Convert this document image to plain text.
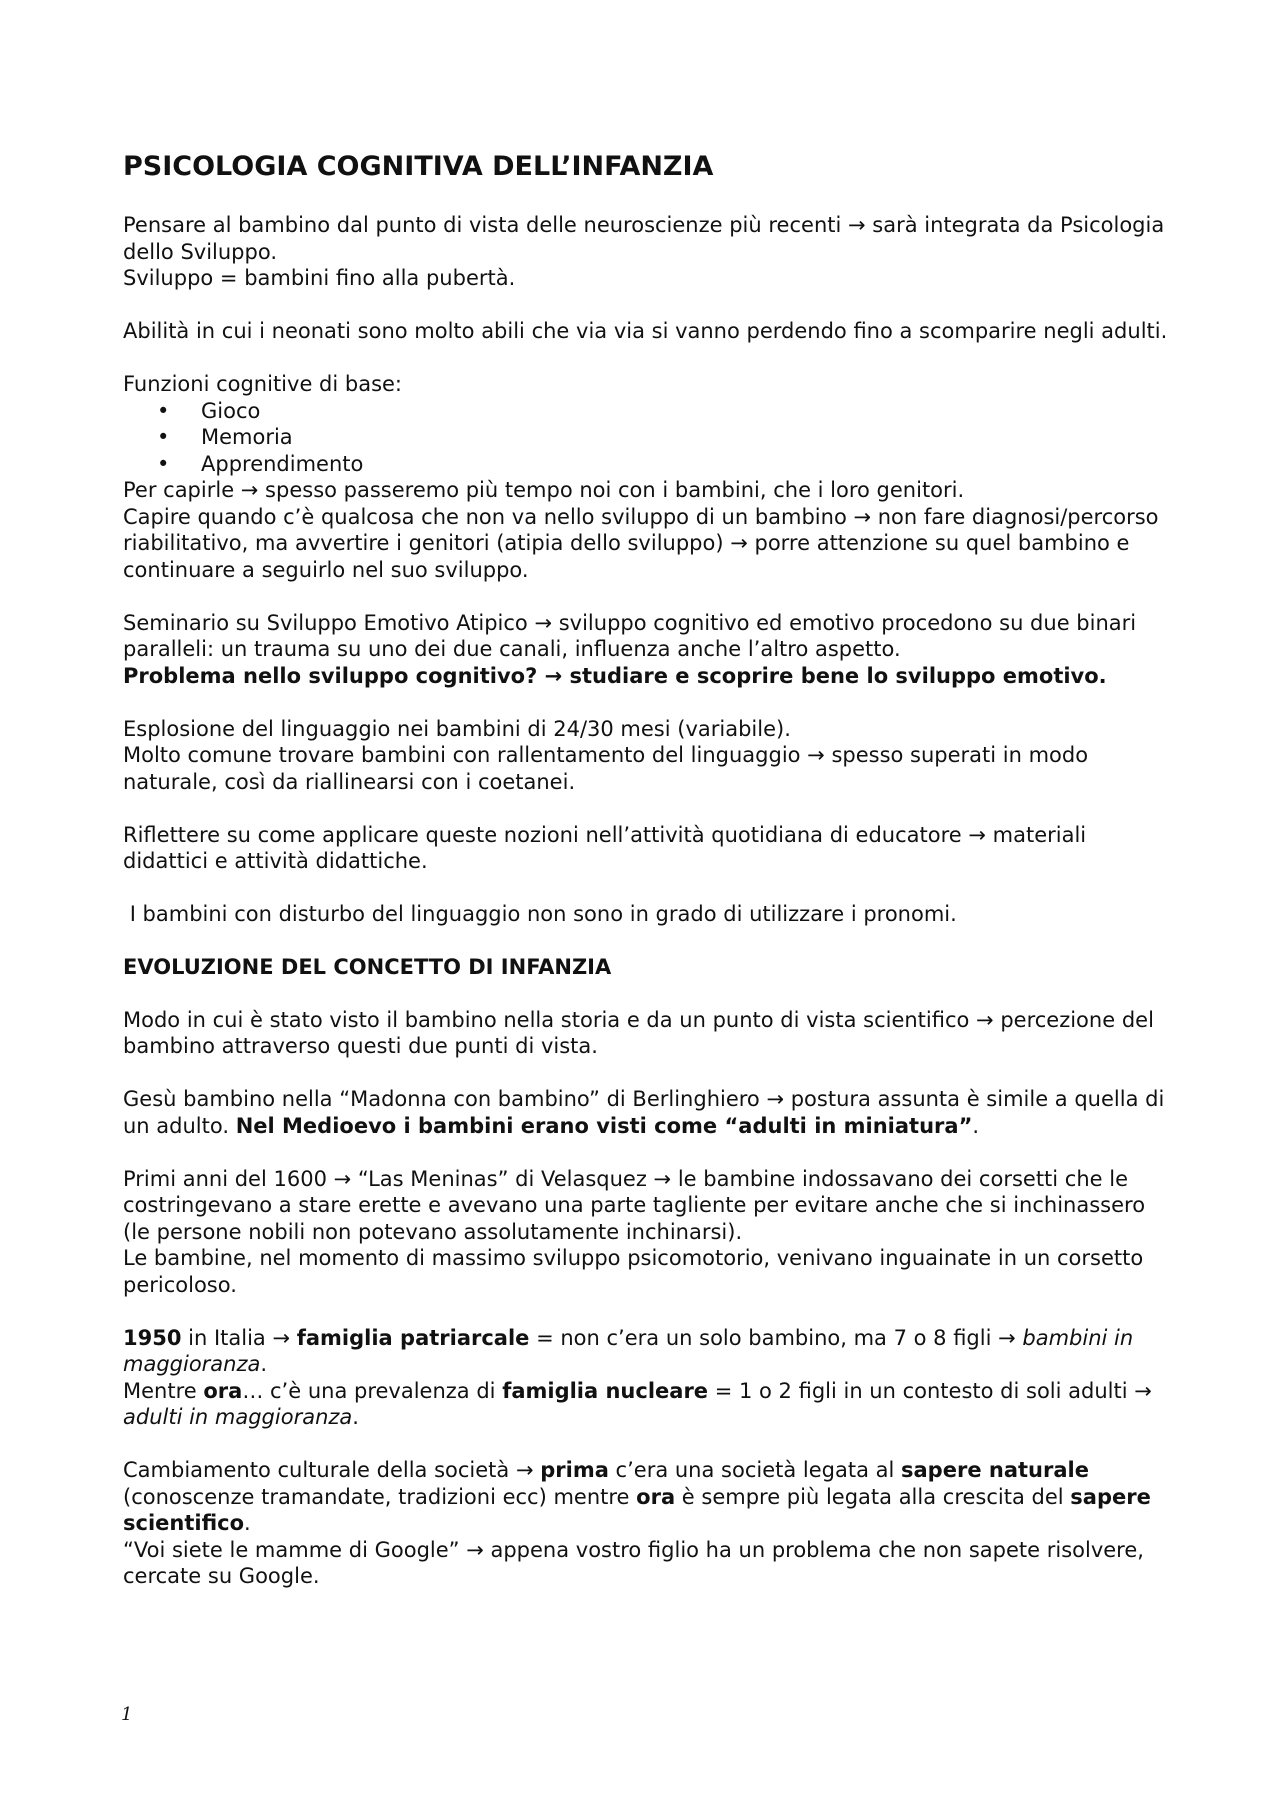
PSICOLOGIA COGNITIVA DELL’INFANZIA

Pensare al bambino dal punto di vista delle neuroscienze più recenti → sarà integrata da Psicologia dello Sviluppo.

Sviluppo = bambini fino alla pubertà.

Abilità in cui i neonati sono molto abili che via via si vanno perdendo fino a scomparire negli adulti.

Funzioni cognitive di base:

• Gioco
• Memoria
• Apprendimento

Per capirle → spesso passeremo più tempo noi con i bambini, che i loro genitori.

Capire quando c’è qualcosa che non va nello sviluppo di un bambino → non fare diagnosi/percorso riabilitativo, ma avvertire i genitori (atipia dello sviluppo) → porre attenzione su quel bambino e continuare a seguirlo nel suo sviluppo.

Seminario su Sviluppo Emotivo Atipico → sviluppo cognitivo ed emotivo procedono su due binari paralleli: un trauma su uno dei due canali, influenza anche l’altro aspetto.

Problema nello sviluppo cognitivo? → studiare e scoprire bene lo sviluppo emotivo.

Esplosione del linguaggio nei bambini di 24/30 mesi (variabile).

Molto comune trovare bambini con rallentamento del linguaggio → spesso superati in modo naturale, così da riallinearsi con i coetanei.

Riflettere su come applicare queste nozioni nell’attività quotidiana di educatore → materiali didattici e attività didattiche.

I bambini con disturbo del linguaggio non sono in grado di utilizzare i pronomi.

EVOLUZIONE DEL CONCETTO DI INFANZIA

Modo in cui è stato visto il bambino nella storia e da un punto di vista scientifico → percezione del bambino attraverso questi due punti di vista.

Gesù bambino nella “Madonna con bambino” di Berlinghiero → postura assunta è simile a quella di un adulto. Nel Medioevo i bambini erano visti come “adulti in miniatura”.

Primi anni del 1600 → “Las Meninas” di Velasquez → le bambine indossavano dei corsetti che le costringevano a stare erette e avevano una parte tagliente per evitare anche che si inchinassero (le persone nobili non potevano assolutamente inchinarsi).

Le bambine, nel momento di massimo sviluppo psicomotorio, venivano inguainate in un corsetto pericoloso.

1950 in Italia → famiglia patriarcale = non c’era un solo bambino, ma 7 o 8 figli → bambini in maggioranza.

Mentre ora… c’è una prevalenza di famiglia nucleare = 1 o 2 figli in un contesto di soli adulti → adulti in maggioranza.

Cambiamento culturale della società → prima c’era una società legata al sapere naturale (conoscenze tramandate, tradizioni ecc) mentre ora è sempre più legata alla crescita del sapere scientifico.

“Voi siete le mamme di Google” → appena vostro figlio ha un problema che non sapete risolvere, cercate su Google.

1
